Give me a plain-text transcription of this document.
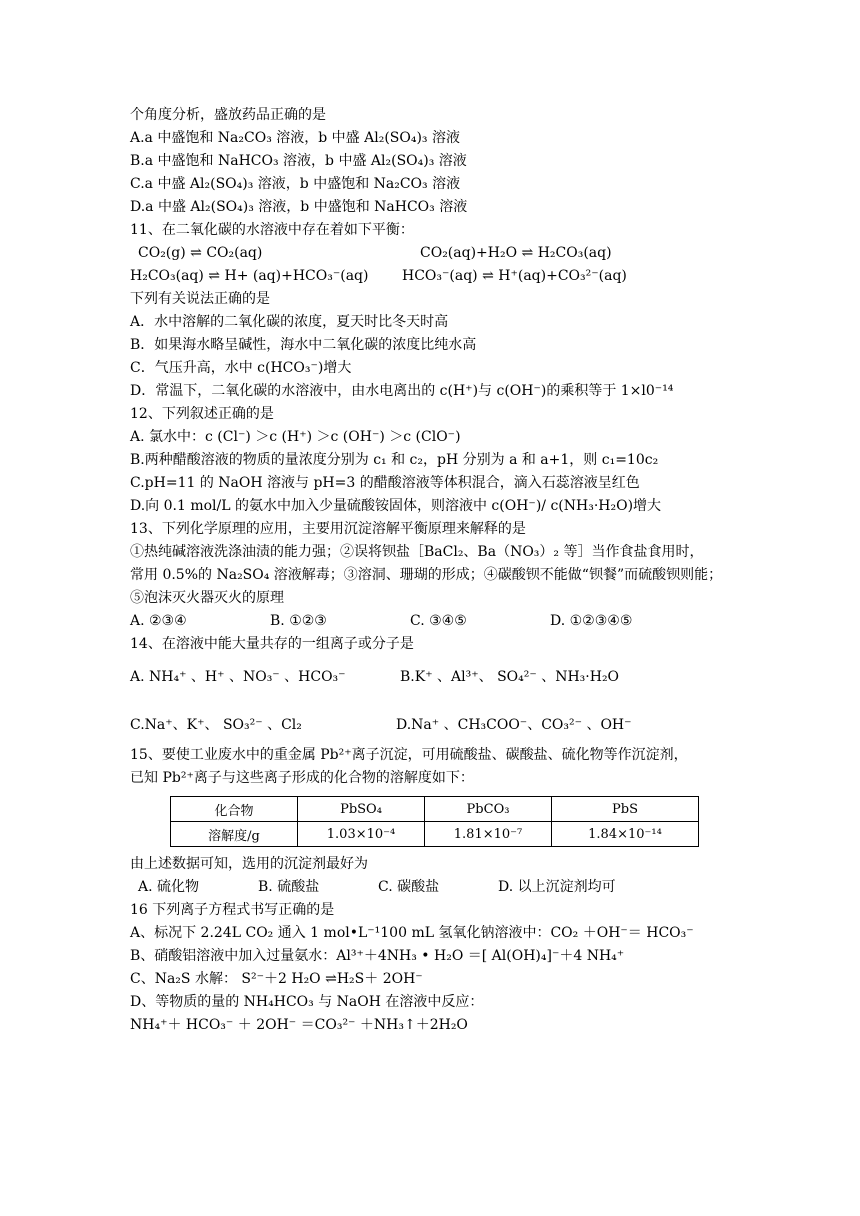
个角度分析，盛放药品正确的是
A.a 中盛饱和 Na₂CO₃ 溶液，b 中盛 Al₂(SO₄)₃ 溶液
B.a 中盛饱和 NaHCO₃ 溶液，b 中盛 Al₂(SO₄)₃ 溶液
C.a 中盛 Al₂(SO₄)₃ 溶液，b 中盛饱和 Na₂CO₃ 溶液
D.a 中盛 Al₂(SO₄)₃ 溶液，b 中盛饱和 NaHCO₃ 溶液
11、在二氧化碳的水溶液中存在着如下平衡：
CO₂(g) ⇌ CO₂(aq)	CO₂(aq)+H₂O ⇌ H₂CO₃(aq)
H₂CO₃(aq) ⇌ H+ (aq)+HCO₃⁻(aq) HCO₃⁻(aq) ⇌ H⁺(aq)+CO₃²⁻(aq)
下列有关说法正确的是
A．水中溶解的二氧化碳的浓度，夏天时比冬天时高
B．如果海水略呈碱性，海水中二氧化碳的浓度比纯水高
C．气压升高，水中 c(HCO₃⁻)增大
D．常温下，二氧化碳的水溶液中，由水电离出的 c(H⁺)与 c(OH⁻)的乘积等于 1×l0⁻¹⁴
12、下列叙述正确的是
A. 氯水中：c (Cl⁻) ＞c (H⁺) ＞c (OH⁻) ＞c (ClO⁻)
B.两种醋酸溶液的物质的量浓度分别为 c₁ 和 c₂，pH 分别为 a 和 a+1，则 c₁=10c₂
C.pH=11 的 NaOH 溶液与 pH=3 的醋酸溶液等体积混合，滴入石蕊溶液呈红色
D.向 0.1 mol/L 的氨水中加入少量硫酸铵固体，则溶液中 c(OH⁻)/ c(NH₃·H₂O)增大
13、下列化学原理的应用，主要用沉淀溶解平衡原理来解释的是
①热纯碱溶液洗涤油渍的能力强；②误将钡盐［BaCl₂、Ba（NO₃）₂ 等］当作食盐食用时，
常用 0.5%的 Na₂SO₄ 溶液解毒；③溶洞、珊瑚的形成；④碳酸钡不能做“钡餐”而硫酸钡则能；
⑤泡沫灭火器灭火的原理
A. ②③④	B. ①②③	C. ③④⑤	D. ①②③④⑤
14、在溶液中能大量共存的一组离子或分子是
A. NH₄⁺ 、H⁺ 、NO₃⁻ 、HCO₃⁻	B.K⁺ 、Al³⁺、 SO₄²⁻ 、NH₃·H₂O
C.Na⁺、K⁺、 SO₃²⁻ 、Cl₂	D.Na⁺ 、CH₃COO⁻、CO₃²⁻ 、OH⁻
15、要使工业废水中的重金属 Pb²⁺离子沉淀，可用硫酸盐、碳酸盐、硫化物等作沉淀剂，
已知 Pb²⁺离子与这些离子形成的化合物的溶解度如下：
化合物	PbSO₄	PbCO₃	PbS
溶解度/g	1.03×10⁻⁴	1.81×10⁻⁷	1.84×10⁻¹⁴
由上述数据可知，选用的沉淀剂最好为
A. 硫化物	B. 硫酸盐	C. 碳酸盐	D. 以上沉淀剂均可
16 下列离子方程式书写正确的是
A、标况下 2.24L CO₂ 通入 1 mol•L⁻¹100 mL 氢氧化钠溶液中：CO₂ ＋OH⁻＝ HCO₃⁻
B、硝酸铝溶液中加入过量氨水：Al³⁺＋4NH₃ • H₂O ＝[ Al(OH)₄]⁻＋4 NH₄⁺
C、Na₂S 水解： S²⁻＋2 H₂O ⇌H₂S＋ 2OH⁻
D、等物质的量的 NH₄HCO₃ 与 NaOH 在溶液中反应：
NH₄⁺＋ HCO₃⁻ ＋ 2OH⁻ ＝CO₃²⁻ ＋NH₃↑＋2H₂O
